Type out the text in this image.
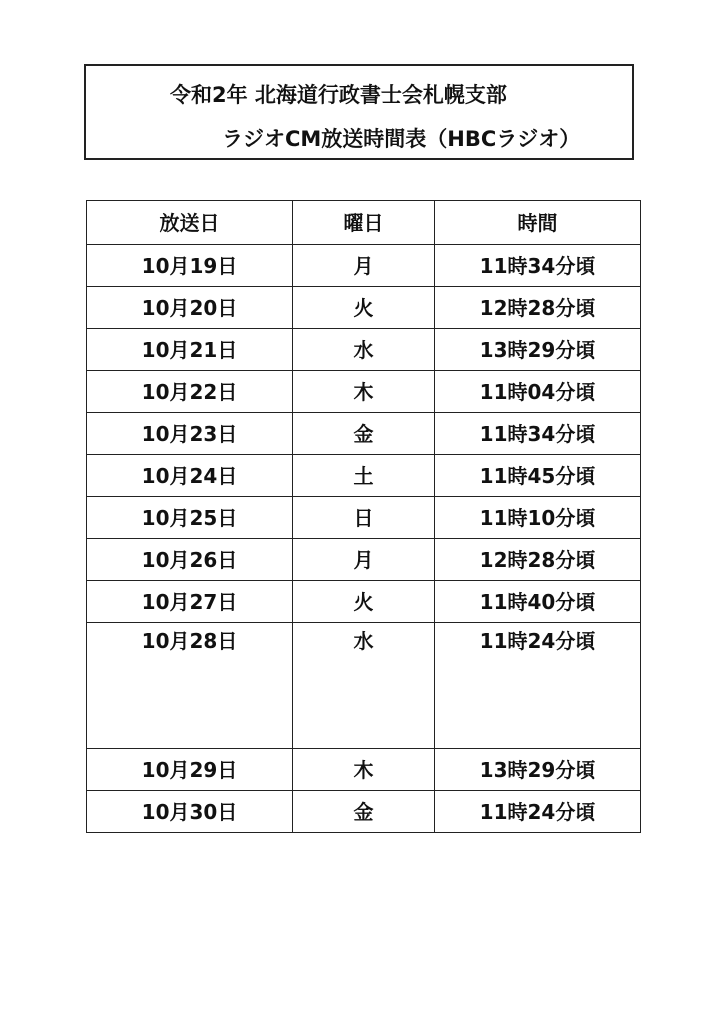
令和2年 北海道行政書士会札幌支部
ラジオCM放送時間表（HBCラジオ）
放送日	曜日	時間
10月19日	月	11時34分頃
10月20日	火	12時28分頃
10月21日	水	13時29分頃
10月22日	木	11時04分頃
10月23日	金	11時34分頃
10月24日	土	11時45分頃
10月25日	日	11時10分頃
10月26日	月	12時28分頃
10月27日	火	11時40分頃
10月28日	水	11時24分頃
10月29日	木	13時29分頃
10月30日	金	11時24分頃
